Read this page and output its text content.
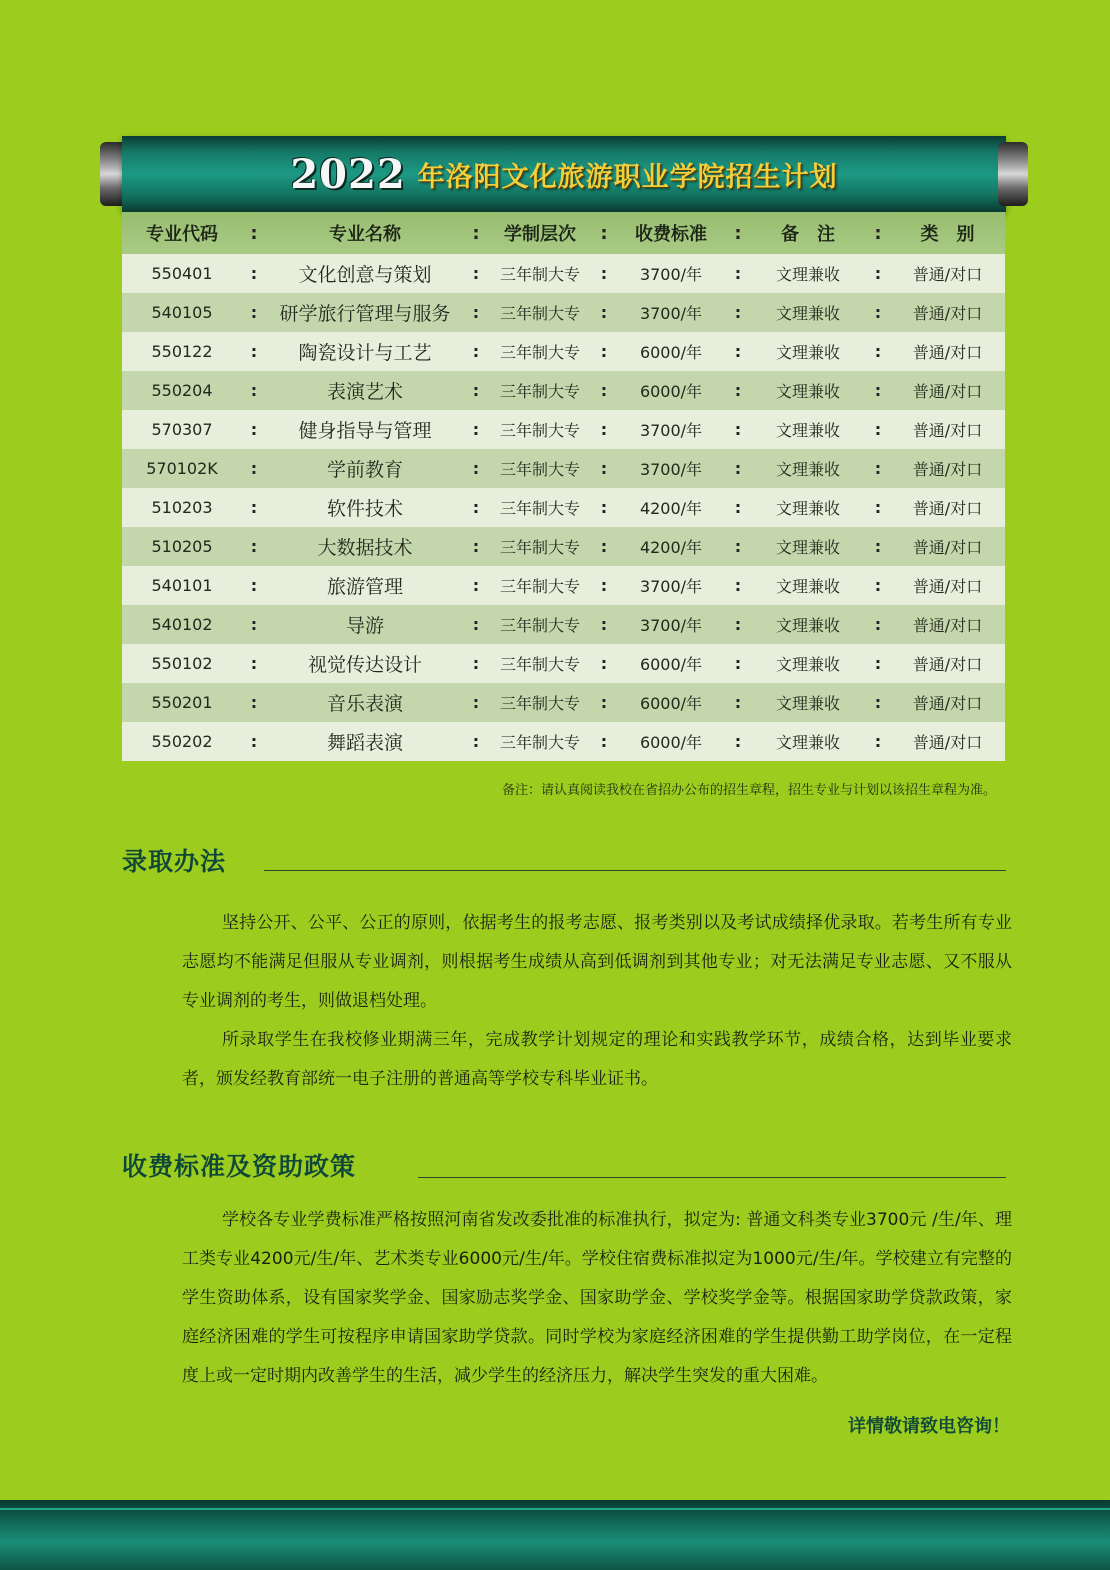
2022 年洛阳文化旅游职业学院招生计划
专业代码	:	专业名称	:	学制层次	:	收费标准	:	备　注	:	类　别
550401	:	文化创意与策划	:	三年制大专	:	3700/年	:	文理兼收	:	普通/对口
540105	:	研学旅行管理与服务	:	三年制大专	:	3700/年	:	文理兼收	:	普通/对口
550122	:	陶瓷设计与工艺	:	三年制大专	:	6000/年	:	文理兼收	:	普通/对口
550204	:	表演艺术	:	三年制大专	:	6000/年	:	文理兼收	:	普通/对口
570307	:	健身指导与管理	:	三年制大专	:	3700/年	:	文理兼收	:	普通/对口
570102K	:	学前教育	:	三年制大专	:	3700/年	:	文理兼收	:	普通/对口
510203	:	软件技术	:	三年制大专	:	4200/年	:	文理兼收	:	普通/对口
510205	:	大数据技术	:	三年制大专	:	4200/年	:	文理兼收	:	普通/对口
540101	:	旅游管理	:	三年制大专	:	3700/年	:	文理兼收	:	普通/对口
540102	:	导游	:	三年制大专	:	3700/年	:	文理兼收	:	普通/对口
550102	:	视觉传达设计	:	三年制大专	:	6000/年	:	文理兼收	:	普通/对口
550201	:	音乐表演	:	三年制大专	:	6000/年	:	文理兼收	:	普通/对口
550202	:	舞蹈表演	:	三年制大专	:	6000/年	:	文理兼收	:	普通/对口
备注：请认真阅读我校在省招办公布的招生章程，招生专业与计划以该招生章程为准。
录取办法

坚持公开、公平、公正的原则，依据考生的报考志愿、报考类别以及考试成绩择优录取。若考生所有专业志愿均不能满足但服从专业调剂，则根据考生成绩从高到低调剂到其他专业；对无法满足专业志愿、又不服从专业调剂的考生，则做退档处理。

所录取学生在我校修业期满三年，完成教学计划规定的理论和实践教学环节，成绩合格，达到毕业要求者，颁发经教育部统一电子注册的普通高等学校专科毕业证书。

收费标准及资助政策

学校各专业学费标准严格按照河南省发改委批准的标准执行，拟定为: 普通文科类专业3700元 /生/年、理工类专业4200元/生/年、艺术类专业6000元/生/年。学校住宿费标准拟定为1000元/生/年。学校建立有完整的学生资助体系，设有国家奖学金、国家励志奖学金、国家助学金、学校奖学金等。根据国家助学贷款政策，家庭经济困难的学生可按程序申请国家助学贷款。同时学校为家庭经济困难的学生提供勤工助学岗位，在一定程度上或一定时期内改善学生的生活，减少学生的经济压力，解决学生突发的重大困难。

详情敬请致电咨询！
